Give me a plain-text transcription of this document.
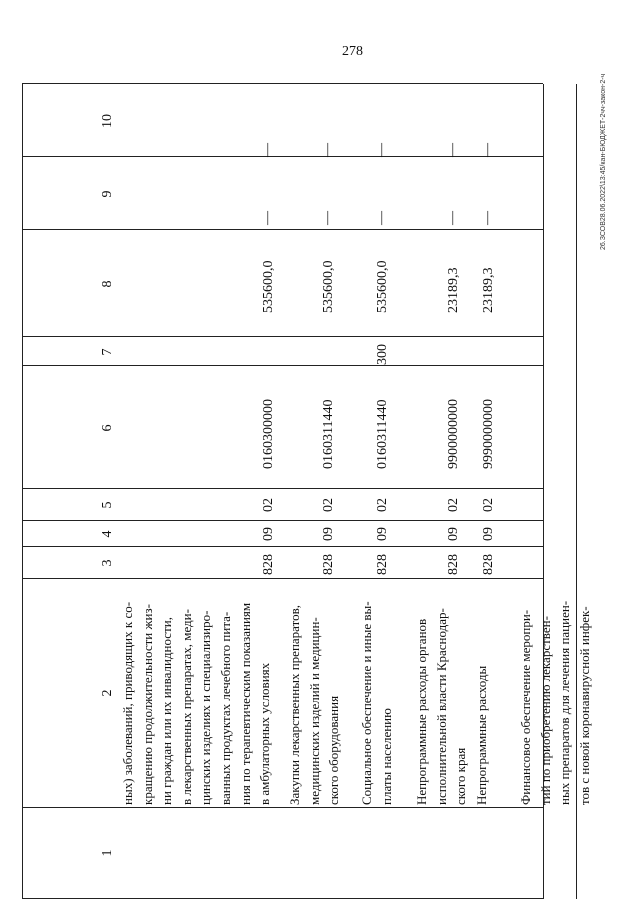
1
2
3
4
5
6
7
8
9
10
ных) заболеваний, приводящих к со- кращению продолжительности жиз- ни граждан или их инвалидности, в лекарственных препаратах, меди- цинских изделиях и специализиро- ванных продуктах лечебного пита- ния по терапевтическим показаниям в амбулаторных условиях
828
09
02
0160300000
535600,0
—
—
Закупки лекарственных препаратов, медицинских изделий и медицин- ского оборудования
828
09
02
0160311440
535600,0
—
—
Социальное обеспечение и иные вы- платы населению
828
09
02
0160311440
300
535600,0
—
—
Непрограммные расходы органов исполнительной власти Краснодар- ского края
828
09
02
9900000000
23189,3
—
—
Непрограммные расходы
828
09
02
9990000000
23189,3
—
—
Финансовое обеспечение меропри- тий по приобретению лекарствен- ных препаратов для лечения пациен- тов с новой коронавирусной инфек-
278
26.ЗСОВ28.06.2022\13:45/кан-БЮДЖЕТ-2чч-закон-2-ч
